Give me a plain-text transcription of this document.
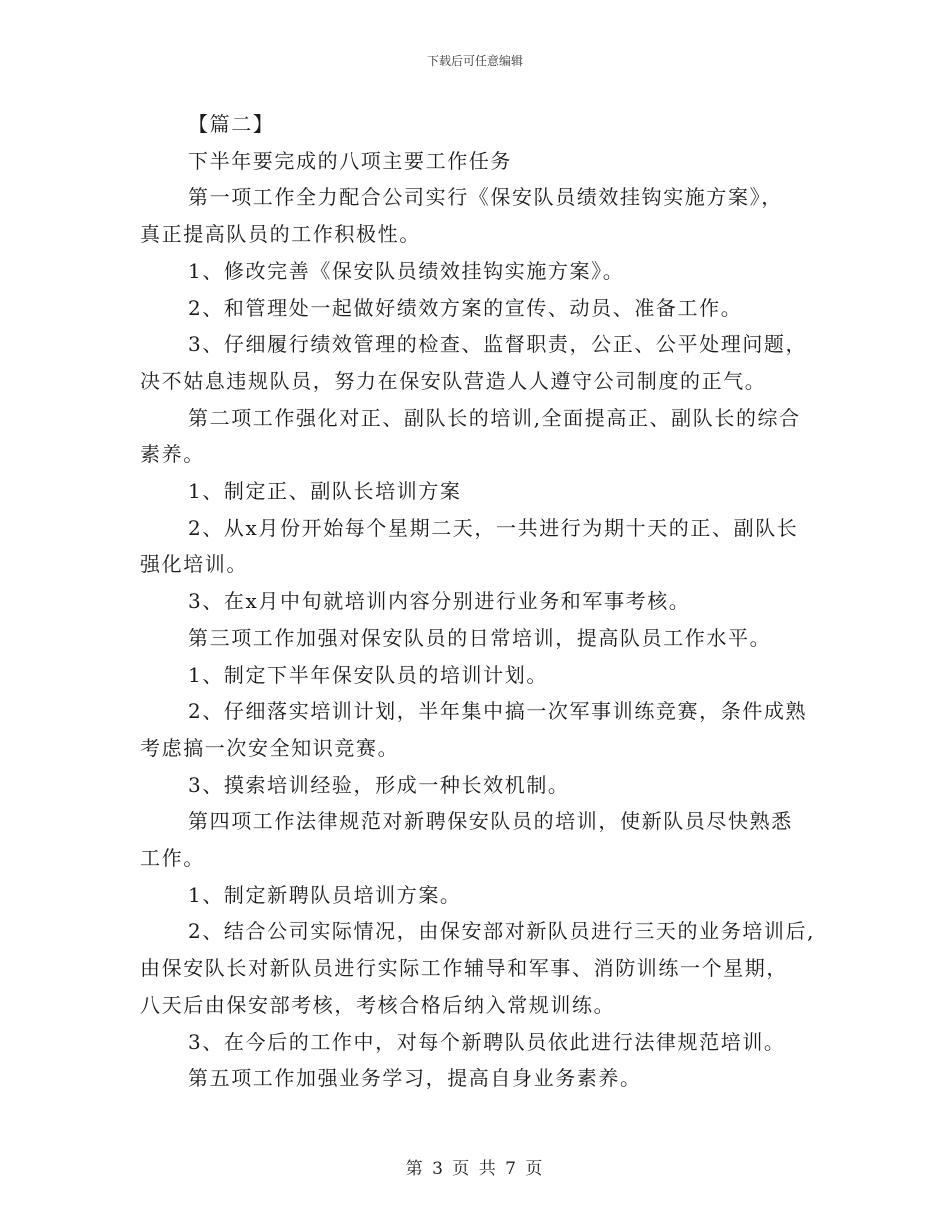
下载后可任意编辑
【篇二】
下半年要完成的八项主要工作任务
第一项工作全力配合公司实行《保安队员绩效挂钩实施方案》，
真正提高队员的工作积极性。
1、修改完善《保安队员绩效挂钩实施方案》。
2、和管理处一起做好绩效方案的宣传、动员、准备工作。
3、仔细履行绩效管理的检查、监督职责，公正、公平处理问题，
决不姑息违规队员，努力在保安队营造人人遵守公司制度的正气。
第二项工作强化对正、副队长的培训,全面提高正、副队长的综合
素养。
1、制定正、副队长培训方案
2、从x月份开始每个星期二天，一共进行为期十天的正、副队长
强化培训。
3、在x月中旬就培训内容分别进行业务和军事考核。
第三项工作加强对保安队员的日常培训，提高队员工作水平。
1、制定下半年保安队员的培训计划。
2、仔细落实培训计划，半年集中搞一次军事训练竞赛，条件成熟
考虑搞一次安全知识竞赛。
3、摸索培训经验，形成一种长效机制。
第四项工作法律规范对新聘保安队员的培训，使新队员尽快熟悉
工作。
1、制定新聘队员培训方案。
2、结合公司实际情况，由保安部对新队员进行三天的业务培训后,
由保安队长对新队员进行实际工作辅导和军事、消防训练一个星期，
八天后由保安部考核，考核合格后纳入常规训练。
3、在今后的工作中，对每个新聘队员依此进行法律规范培训。
第五项工作加强业务学习，提高自身业务素养。
第 3 页 共 7 页
